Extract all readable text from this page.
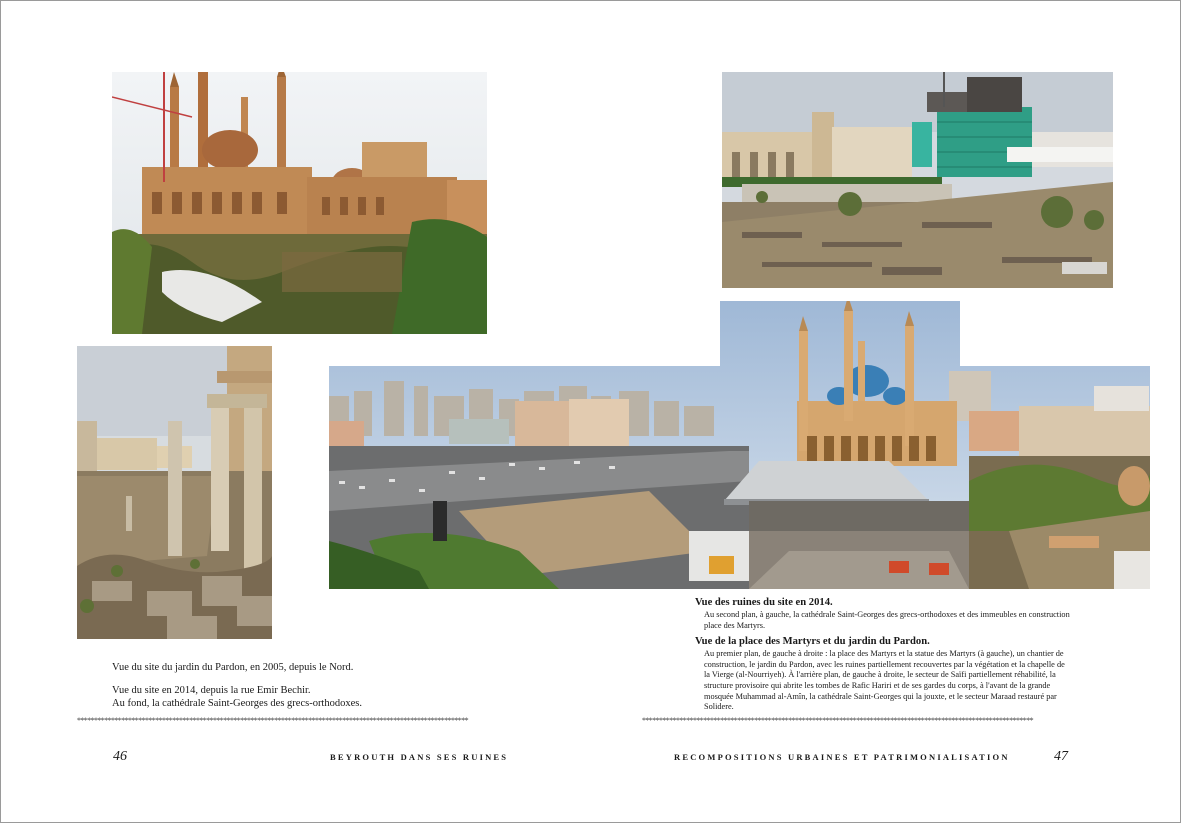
Vue du site du jardin du Pardon, en 2005, depuis le Nord.

Vue du site en 2014, depuis la rue Emir Bechir.
Au fond, la cathédrale Saint-Georges des grecs-orthodoxes.

Vue des ruines du site en 2014.

Au second plan, à gauche, la cathédrale Saint-Georges des grecs-orthodoxes et des immeubles en construction place des Martyrs.

Vue de la place des Martyrs et du jardin du Pardon.

Au premier plan, de gauche à droite : la place des Martyrs et la statue des Martyrs (à gauche), un chantier de construction, le jardin du Pardon, avec les ruines partiellement recouvertes par la végétation et la chapelle de la Vierge (al-Nourriyeh). À l'arrière plan, de gauche à droite, le secteur de Saïfi partiellement réhabilité, la structure provisoire qui abrite les tombes de Rafic Hariri et de ses gardes du corps, à l'avant de la grande mosquée Muhammad al-Amîn, la cathédrale Saint-Georges qui la jouxte, et le secteur Maraad restauré par Solidere.

*******************************************************************************************************************	*******************************************************************************************************************
46	BEYROUTH DANS SES RUINES	RECOMPOSITIONS URBAINES ET PATRIMONIALISATION	47
